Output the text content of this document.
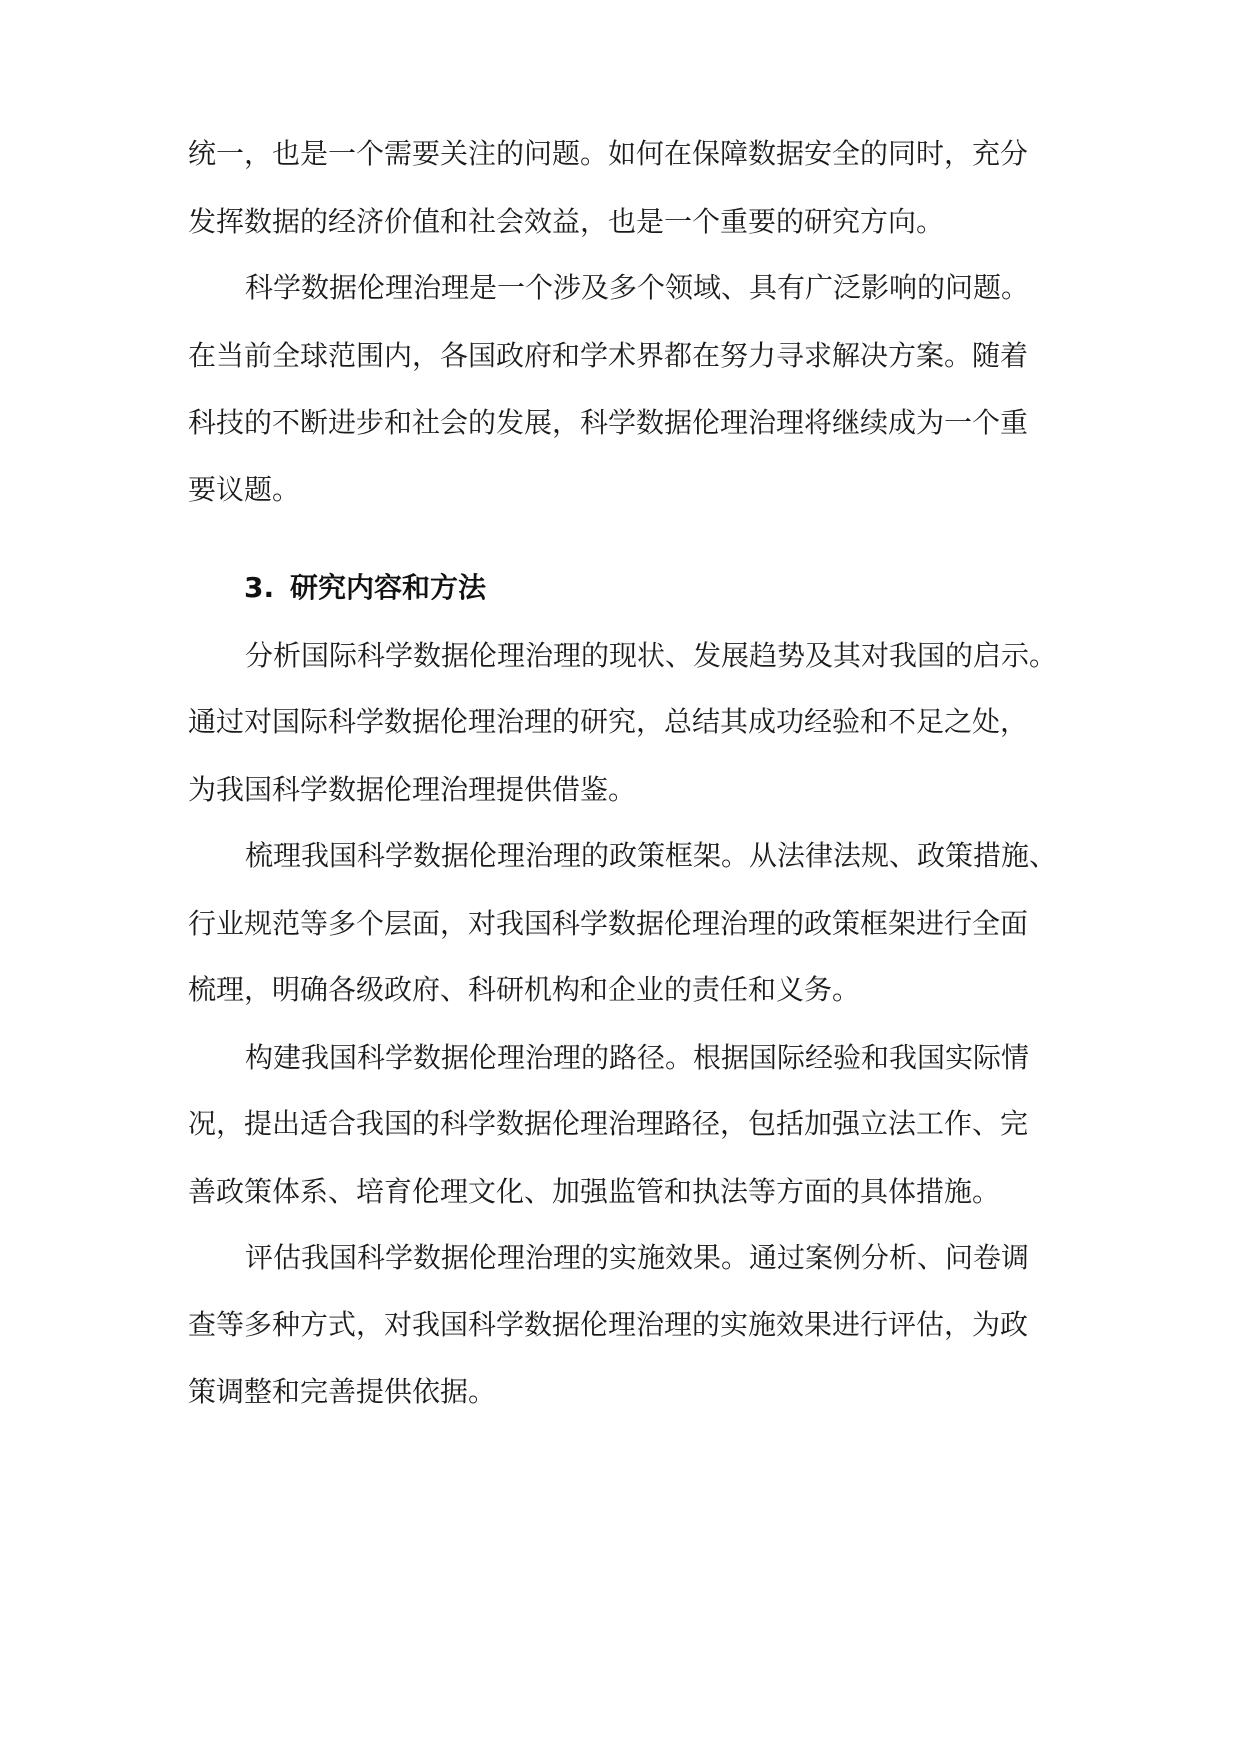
统一，也是一个需要关注的问题。如何在保障数据安全的同时，充分
发挥数据的经济价值和社会效益，也是一个重要的研究方向。
科学数据伦理治理是一个涉及多个领域、具有广泛影响的问题。
在当前全球范围内，各国政府和学术界都在努力寻求解决方案。随着
科技的不断进步和社会的发展，科学数据伦理治理将继续成为一个重
要议题。
3. 研究内容和方法
分析国际科学数据伦理治理的现状、发展趋势及其对我国的启示。
通过对国际科学数据伦理治理的研究，总结其成功经验和不足之处，
为我国科学数据伦理治理提供借鉴。
梳理我国科学数据伦理治理的政策框架。从法律法规、政策措施、
行业规范等多个层面，对我国科学数据伦理治理的政策框架进行全面
梳理，明确各级政府、科研机构和企业的责任和义务。
构建我国科学数据伦理治理的路径。根据国际经验和我国实际情
况，提出适合我国的科学数据伦理治理路径，包括加强立法工作、完
善政策体系、培育伦理文化、加强监管和执法等方面的具体措施。
评估我国科学数据伦理治理的实施效果。通过案例分析、问卷调
查等多种方式，对我国科学数据伦理治理的实施效果进行评估，为政
策调整和完善提供依据。
